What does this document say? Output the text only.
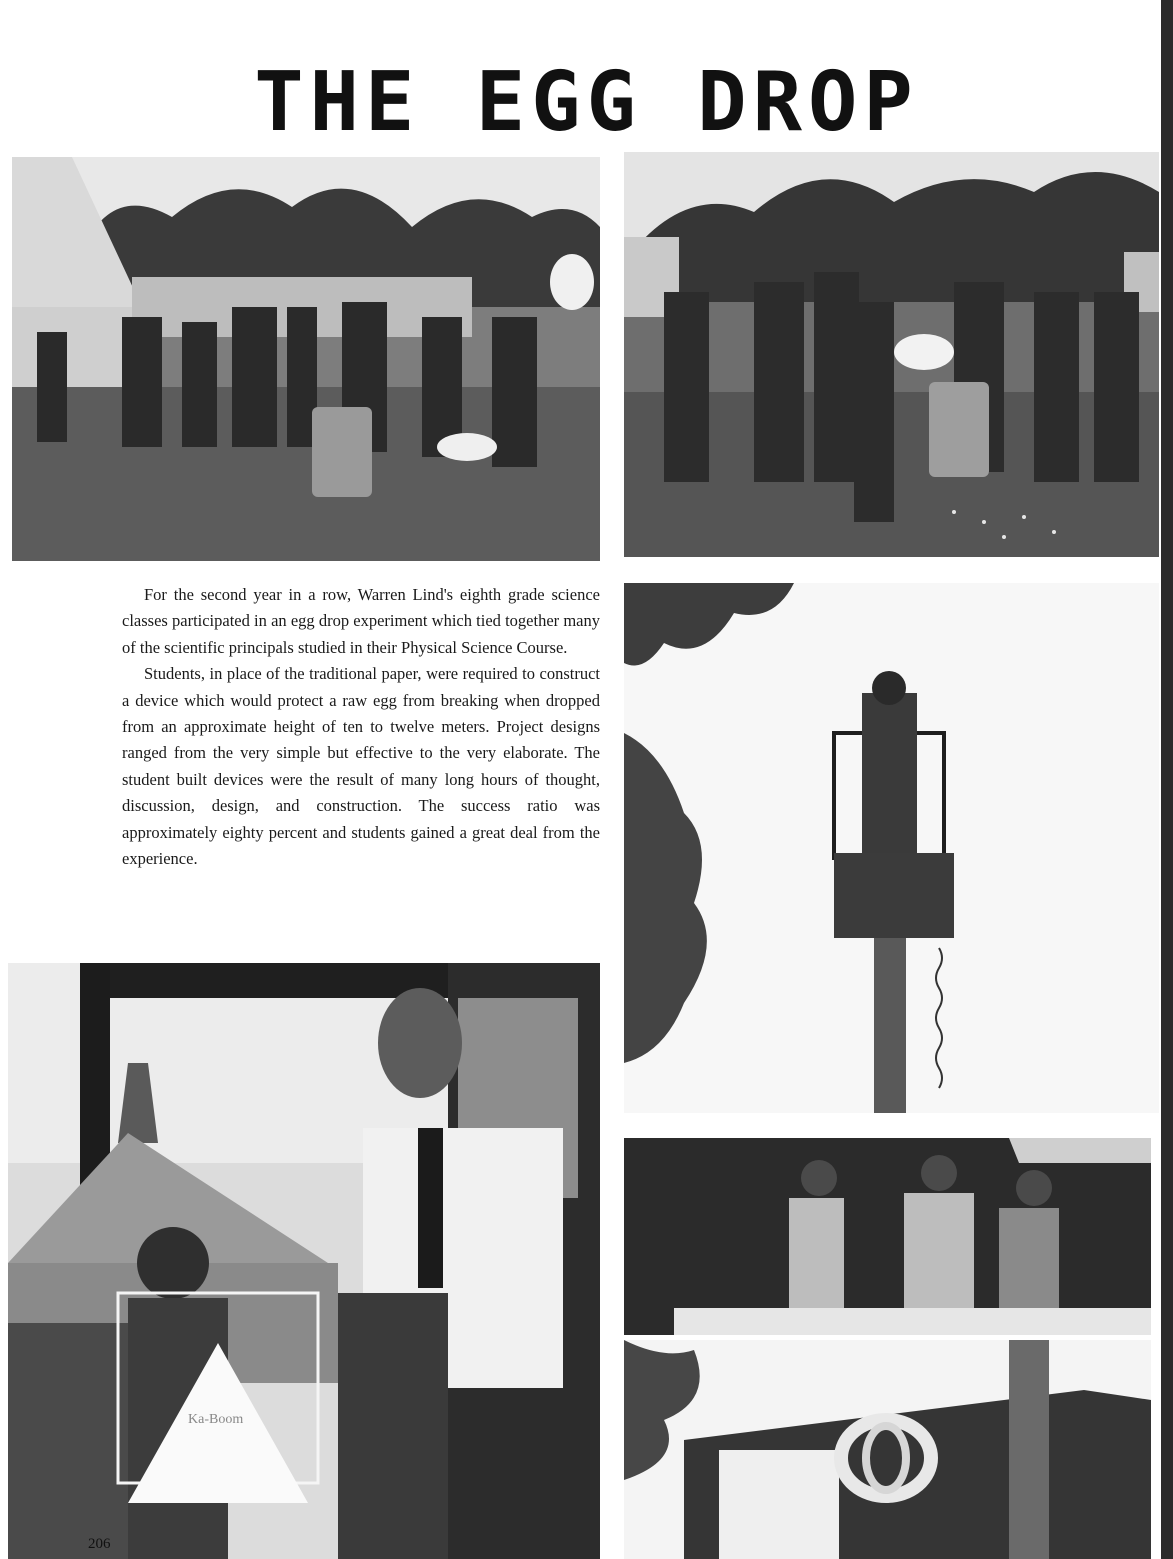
THE EGG DROP

For the second year in a row, Warren Lind's eighth grade science classes participated in an egg drop experiment which tied together many of the scientific principals studied in their Physical Science Course.

Students, in place of the traditional paper, were required to construct a device which would protect a raw egg from breaking when dropped from an approximate height of ten to twelve meters. Project designs ranged from the very simple but effective to the very elaborate. The student built devices were the result of many long hours of thought, discussion, design, and construction. The success ratio was approximately eighty percent and students gained a great deal from the experience.

Ka-Boom
206
